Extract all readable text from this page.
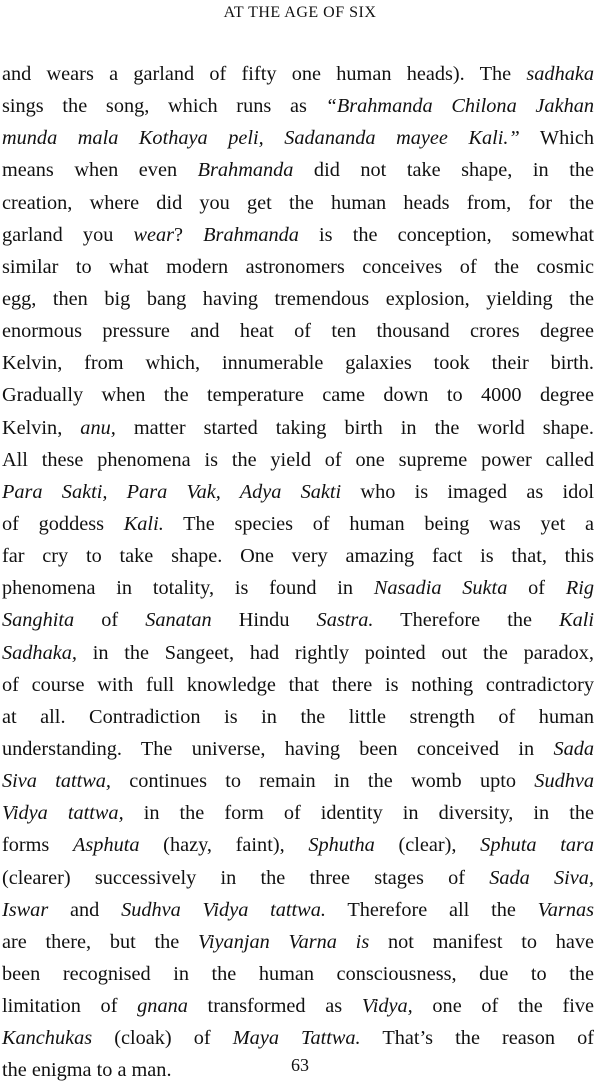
AT THE AGE OF SIX
and wears a garland of fifty one human heads). The sadhaka
sings the song, which runs as “Brahmanda Chilona Jakhan
munda mala Kothaya peli, Sadananda mayee Kali.” Which
means when even Brahmanda did not take shape, in the
creation, where did you get the human heads from, for the
garland you wear? Brahmanda is the conception, somewhat
similar to what modern astronomers conceives of the cosmic
egg, then big bang having tremendous explosion, yielding the
enormous pressure and heat of ten thousand crores degree
Kelvin, from which, innumerable galaxies took their birth.
Gradually when the temperature came down to 4000 degree
Kelvin, anu, matter started taking birth in the world shape.
All these phenomena is the yield of one supreme power called
Para Sakti, Para Vak, Adya Sakti who is imaged as idol
of goddess Kali. The species of human being was yet a
far cry to take shape. One very amazing fact is that, this
phenomena in totality, is found in Nasadia Sukta of Rig
Sanghita of Sanatan Hindu Sastra. Therefore the Kali
Sadhaka, in the Sangeet, had rightly pointed out the paradox,
of course with full knowledge that there is nothing contradictory
at all. Contradiction is in the little strength of human
understanding. The universe, having been conceived in Sada
Siva tattwa, continues to remain in the womb upto Sudhva
Vidya tattwa, in the form of identity in diversity, in the
forms Asphuta (hazy, faint), Sphutha (clear), Sphuta tara
(clearer) successively in the three stages of Sada Siva,
Iswar and Sudhva Vidya tattwa. Therefore all the Varnas
are there, but the Viyanjan Varna is not manifest to have
been recognised in the human consciousness, due to the
limitation of gnana transformed as Vidya, one of the five
Kanchukas (cloak) of Maya Tattwa. That’s the reason of
the enigma to a man.	63
